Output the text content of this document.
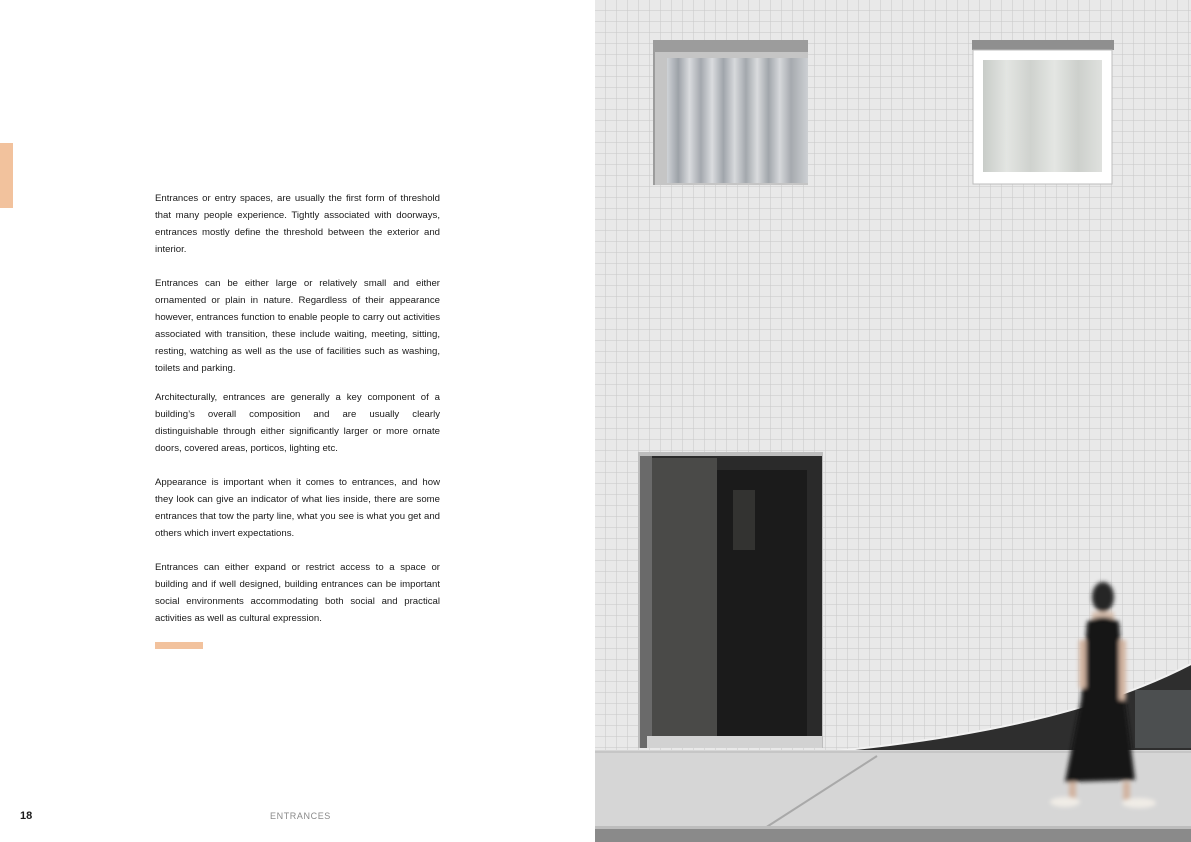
Entrances or entry spaces, are usually the first form of threshold that many people experience. Tightly associated with doorways, entrances mostly define the threshold between the exterior and interior.

Entrances can be either large or relatively small and either ornamented or plain in nature. Regardless of their appearance however, entrances function to enable people to carry out activities associated with transition, these include waiting, meeting, sitting, resting, watching as well as the use of facilities such as washing, toilets and parking.

Architecturally, entrances are generally a key component of a building’s overall composition and are usually clearly distinguishable through either significantly larger or more ornate doors, covered areas, porticos, lighting etc.

Appearance is important when it comes to entrances, and how they look can give an indicator of what lies inside, there are some entrances that tow the party line, what you see is what you get and others which invert expectations.

Entrances can either expand or restrict access to a space or building and if well designed, building entrances can be important social environments accommodating both social and practical activities as well as cultural expression.

18	ENTRANCES
